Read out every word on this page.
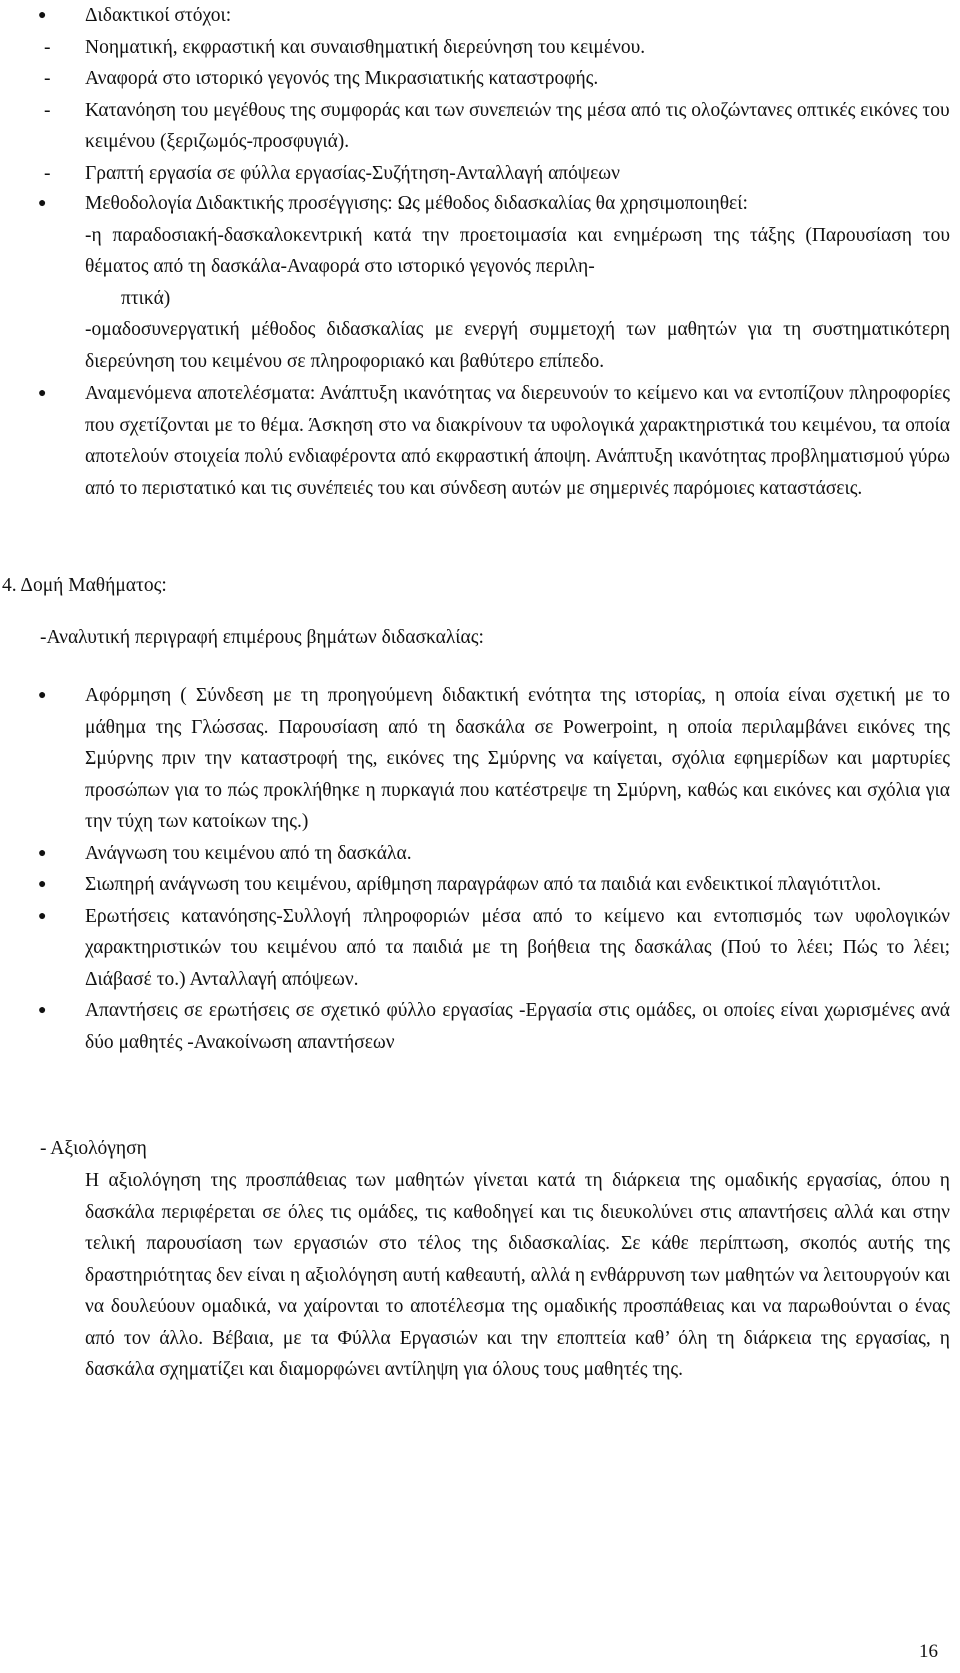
● Διδακτικοί στόχοι:
- Νοηματική, εκφραστική και συναισθηματική διερεύνηση του κειμένου.
- Αναφορά στο ιστορικό γεγονός της Μικρασιατικής καταστροφής.
- Κατανόηση του μεγέθους της συμφοράς και των συνεπειών της μέσα από τις ολοζώντανες οπτικές εικόνες του κειμένου (ξεριζωμός-προσφυγιά).
- Γραπτή εργασία σε φύλλα εργασίας-Συζήτηση-Ανταλλαγή απόψεων
● Μεθοδολογία Διδακτικής προσέγγισης: Ως μέθοδος διδασκαλίας θα χρησιμοποιηθεί:
-η παραδοσιακή-δασκαλοκεντρική κατά την προετοιμασία και ενημέρωση της τάξης (Παρουσίαση του θέματος από τη δασκάλα-Αναφορά στο ιστορικό γεγονός περιλη-
πτικά)
-ομαδοσυνεργατική μέθοδος διδασκαλίας με ενεργή συμμετοχή των μαθητών για τη συστηματικότερη διερεύνηση του κειμένου σε πληροφοριακό και βαθύτερο επίπεδο.
● Αναμενόμενα αποτελέσματα: Ανάπτυξη ικανότητας να διερευνούν το κείμενο και να εντοπίζουν πληροφορίες που σχετίζονται με το θέμα. Άσκηση στο να διακρίνουν τα υφολογικά χαρακτηριστικά του κειμένου, τα οποία αποτελούν στοιχεία πολύ ενδιαφέροντα από εκφραστική άποψη. Ανάπτυξη ικανότητας προβληματισμού γύρω από το περιστατικό και τις συνέπειές του και σύνδεση αυτών με σημερινές παρόμοιες καταστάσεις.
4. Δομή Μαθήματος:
-Αναλυτική περιγραφή επιμέρους βημάτων διδασκαλίας:
● Αφόρμηση ( Σύνδεση με τη προηγούμενη διδακτική ενότητα της ιστορίας, η οποία είναι σχετική με το μάθημα της Γλώσσας. Παρουσίαση από τη δασκάλα σε Powerpoint, η οποία περιλαμβάνει εικόνες της Σμύρνης πριν την καταστροφή της, εικόνες της Σμύρνης να καίγεται, σχόλια εφημερίδων και μαρτυρίες προσώπων για το πώς προκλήθηκε η πυρκαγιά που κατέστρεψε τη Σμύρνη, καθώς και εικόνες και σχόλια για την τύχη των κατοίκων της.)
● Ανάγνωση του κειμένου από τη δασκάλα.
● Σιωπηρή ανάγνωση του κειμένου, αρίθμηση παραγράφων από τα παιδιά και ενδεικτικοί πλαγιότιτλοι.
● Ερωτήσεις κατανόησης-Συλλογή πληροφοριών μέσα από το κείμενο και εντοπισμός των υφολογικών χαρακτηριστικών του κειμένου από τα παιδιά με τη βοήθεια της δασκάλας (Πού το λέει; Πώς το λέει; Διάβασέ το.) Ανταλλαγή απόψεων.
● Απαντήσεις σε ερωτήσεις σε σχετικό φύλλο εργασίας -Εργασία στις ομάδες, οι οποίες είναι χωρισμένες ανά δύο μαθητές -Ανακοίνωση απαντήσεων
- Αξιολόγηση
Η αξιολόγηση της προσπάθειας των μαθητών γίνεται κατά τη διάρκεια της ομαδικής εργασίας, όπου η δασκάλα περιφέρεται σε όλες τις ομάδες, τις καθοδηγεί και τις διευκολύνει στις απαντήσεις αλλά και στην τελική παρουσίαση των εργασιών στο τέλος της διδασκαλίας. Σε κάθε περίπτωση, σκοπός αυτής της δραστηριότητας δεν είναι η αξιολόγηση αυτή καθεαυτή, αλλά η ενθάρρυνση των μαθητών να λειτουργούν και να δουλεύουν ομαδικά, να χαίρονται το αποτέλεσμα της ομαδικής προσπάθειας και να παρωθούνται ο ένας από τον άλλο. Βέβαια, με τα Φύλλα Εργασιών και την εποπτεία καθ’ όλη τη διάρκεια της εργασίας, η δασκάλα σχηματίζει και διαμορφώνει αντίληψη για όλους τους μαθητές της.
16
